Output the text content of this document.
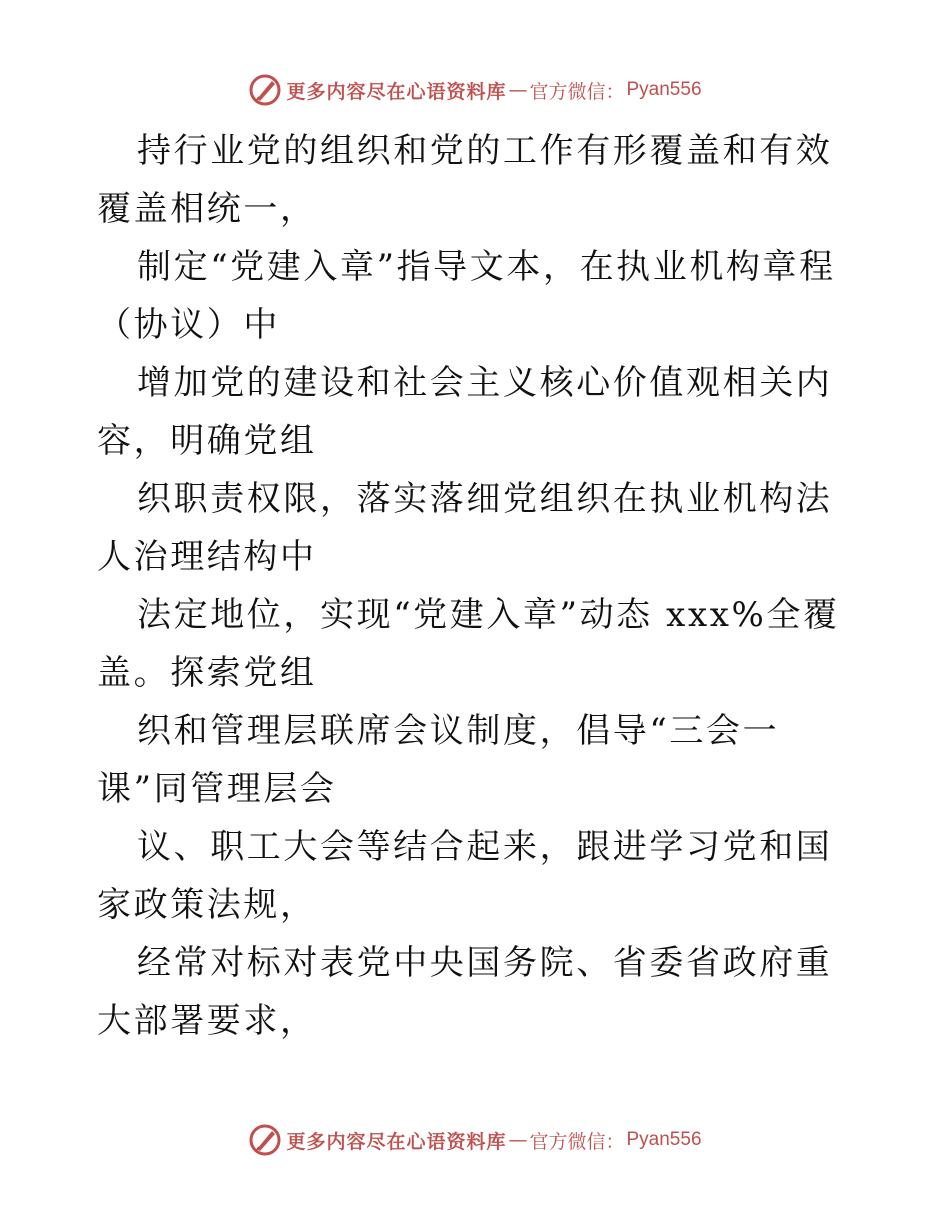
更多内容尽在心语资料库 — 官方微信： Pyan556

持行业党的组织和党的工作有形覆盖和有效覆盖相统一，

制定“党建入章”指导文本，在执业机构章程（协议）中

增加党的建设和社会主义核心价值观相关内容，明确党组

织职责权限，落实落细党组织在执业机构法人治理结构中

法定地位，实现“党建入章”动态 xxx%全覆盖。探索党组

织和管理层联席会议制度，倡导“三会一课”同管理层会

议、职工大会等结合起来，跟进学习党和国家政策法规，

经常对标对表党中央国务院、省委省政府重大部署要求，

更多内容尽在心语资料库 — 官方微信： Pyan556
